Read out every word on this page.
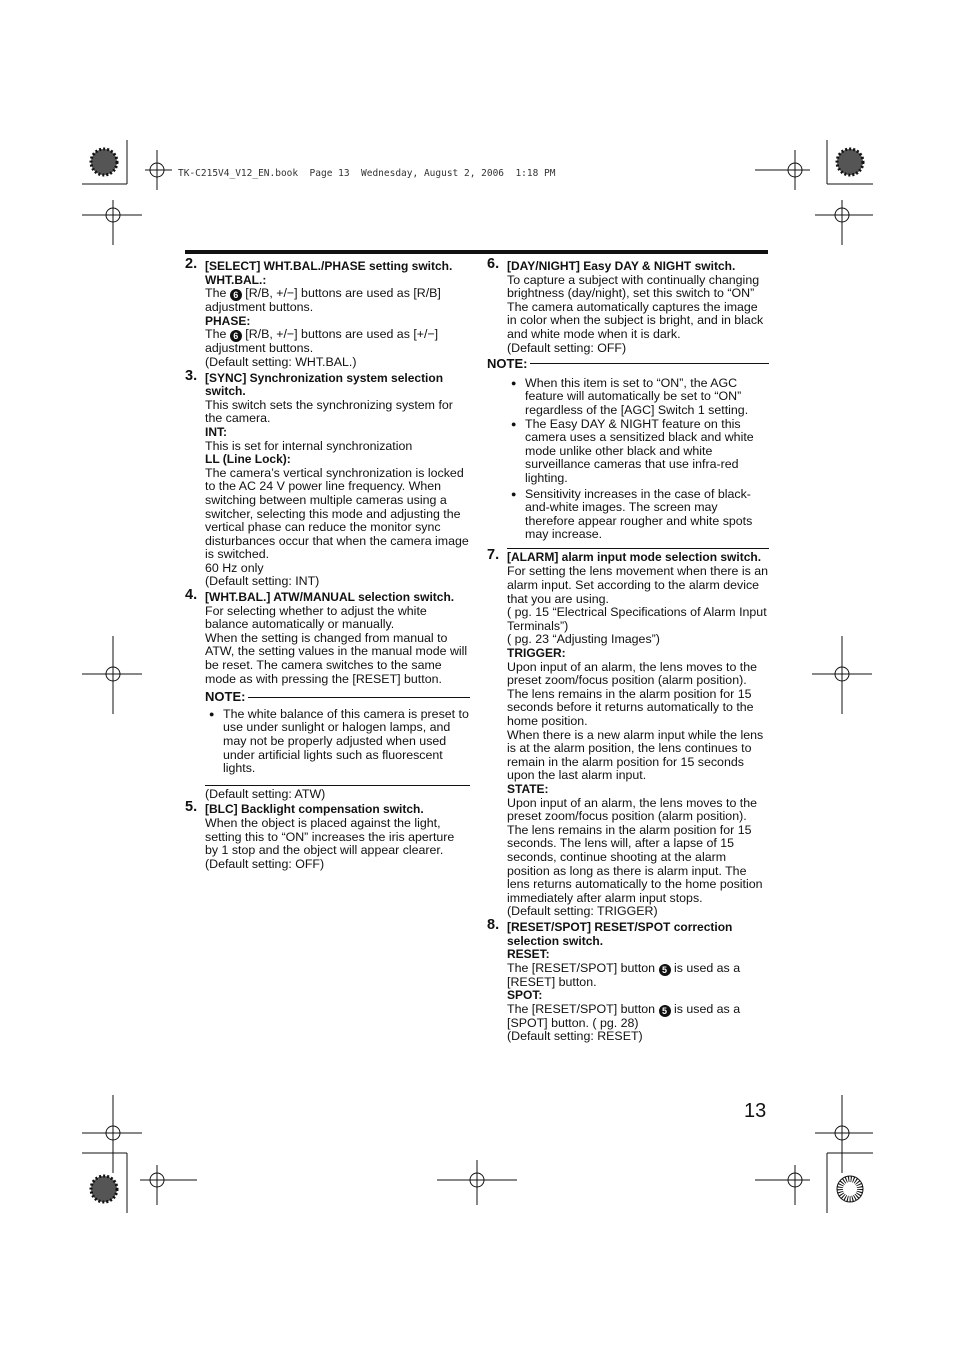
TK-C215V4_V12_EN.book  Page 13  Wednesday, August 2, 2006  1:18 PM
2. [SELECT] WHT.BAL./PHASE setting switch.
WHT.BAL.:

The 6 [R/B, +/−] buttons are used as [R/B] adjustment buttons.

PHASE:

The 6 [R/B, +/−] buttons are used as [+/−] adjustment buttons.

(Default setting: WHT.BAL.)

3. [SYNC] Synchronization system selection switch.

This switch sets the synchronizing system for the camera.

INT:

This is set for internal synchronization

LL (Line Lock):

The camera’s vertical synchronization is locked to the AC 24 V power line frequency. When switching between multiple cameras using a switcher, selecting this mode and adjusting the vertical phase can reduce the monitor sync disturbances occur that when the camera image is switched.

60 Hz only

(Default setting: INT)

4. [WHT.BAL.] ATW/MANUAL selection switch.

For selecting whether to adjust the white balance automatically or manually.

When the setting is changed from manual to ATW, the setting values in the manual mode will be reset. The camera switches to the same mode as with pressing the [RESET] button.

NOTE:
● The white balance of this camera is preset to use under sunlight or halogen lamps, and may not be properly adjusted when used under artificial lights such as fluorescent lights.

(Default setting: ATW)

5. [BLC] Backlight compensation switch.

When the object is placed against the light, setting this to “ON” increases the iris aperture by 1 stop and the object will appear clearer.

(Default setting: OFF)

6. [DAY/NIGHT] Easy DAY & NIGHT switch.

To capture a subject with continually changing brightness (day/night), set this switch to “ON” The camera automatically captures the image in color when the subject is bright, and in black and white mode when it is dark.

(Default setting: OFF)

NOTE:
● When this item is set to “ON”, the AGC feature will automatically be set to “ON” regardless of the [AGC] Switch 1 setting.
● The Easy DAY & NIGHT feature on this camera uses a sensitized black and white mode unlike other black and white surveillance cameras that use infra-red lighting.
● Sensitivity increases in the case of black-and-white images. The screen may therefore appear rougher and white spots may increase.
7. [ALARM] alarm input mode selection switch.

For setting the lens movement when there is an alarm input. Set according to the alarm device that you are using.

( pg. 15 “Electrical Specifications of Alarm Input Terminals”)

( pg. 23 “Adjusting Images”)

TRIGGER:

Upon input of an alarm, the lens moves to the preset zoom/focus position (alarm position). The lens remains in the alarm position for 15 seconds before it returns automatically to the home position.

When there is a new alarm input while the lens is at the alarm position, the lens continues to remain in the alarm position for 15 seconds upon the last alarm input.

STATE:

Upon input of an alarm, the lens moves to the preset zoom/focus position (alarm position). The lens remains in the alarm position for 15 seconds. The lens will, after a lapse of 15 seconds, continue shooting at the alarm position as long as there is alarm input. The lens returns automatically to the home position immediately after alarm input stops.

(Default setting: TRIGGER)

8. [RESET/SPOT] RESET/SPOT correction selection switch.
RESET:

The [RESET/SPOT] button 5 is used as a [RESET] button.

SPOT:

The [RESET/SPOT] button 5 is used as a [SPOT] button. ( pg. 28)

(Default setting: RESET)

13
